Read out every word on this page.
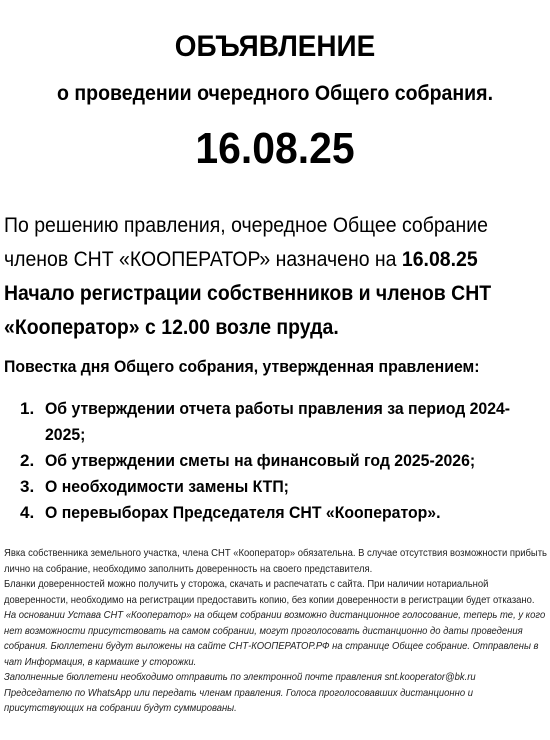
ОБЪЯВЛЕНИЕ
о проведении очередного Общего собрания.
16.08.25
По решению правления, очередное Общее собрание
членов СНТ «КООПЕРАТОР» назначено на 16.08.25
Начало регистрации собственников и членов СНТ
«Кооператор» с 12.00 возле пруда.
Повестка дня Общего собрания, утвержденная правлением:
1. Об утверждении отчета работы правления за период 2024-
2025;
2. Об утверждении сметы на финансовый год 2025-2026;
3. О необходимости замены КТП;
4. О перевыборах Председателя СНТ «Кооператор».
Явка собственника земельного участка, члена СНТ «Кооператор» обязательна. В случае отсутствия возможности прибыть
лично на собрание, необходимо заполнить доверенность на своего представителя.
Бланки доверенностей можно получить у сторожа, скачать и распечатать с сайта. При наличии нотариальной
доверенности, необходимо на регистрации предоставить копию, без копии доверенности в регистрации будет отказано.
На основании Устава СНТ «Кооператор» на общем собрании возможно дистанционное голосование, теперь те, у кого
нет возможности присутствовать на самом собрании, могут проголосовать дистанционно до даты проведения
собрания. Бюллетени будут выложены на сайте СНТ-КООПЕРАТОР.РФ на странице Общее собрание. Отправлены в
чат Информация, в кармашке у сторожки.
Заполненные бюллетени необходимо отправить по электронной почте правления snt.kooperator@bk.ru
Председателю по WhatsApp или передать членам правления. Голоса проголосовавших дистанционно и
присутствующих на собрании будут суммированы.
